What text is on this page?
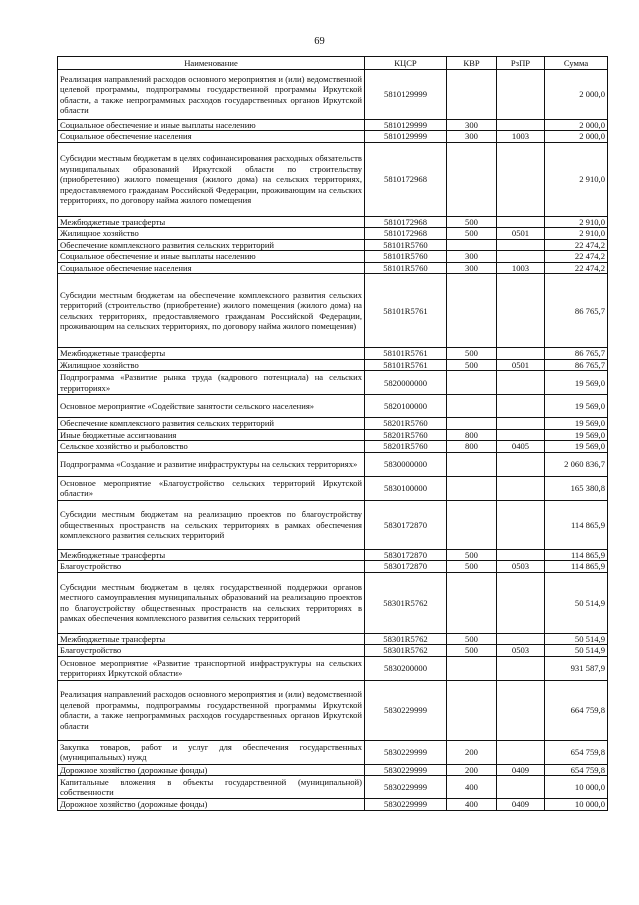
69
Наименование	КЦСР	КВР	РзПР	Сумма
Реализация направлений расходов основного мероприятия и (или) ведомственной целевой программы, подпрограммы государственной программы Иркутской области, а также непрограммных расходов государственных органов Иркутской области	5810129999			2 000,0
Социальное обеспечение и иные выплаты населению	5810129999	300		2 000,0
Социальное обеспечение населения	5810129999	300	1003	2 000,0
Субсидии местным бюджетам в целях софинансирования расходных обязательств муниципальных образований Иркутской области по строительству (приобретению) жилого помещения (жилого дома) на сельских территориях, предоставляемого гражданам Российской Федерации, проживающим на сельских территориях, по договору найма жилого помещения	5810172968			2 910,0
Межбюджетные трансферты	5810172968	500		2 910,0
Жилищное хозяйство	5810172968	500	0501	2 910,0
Обеспечение комплексного развития сельских территорий	58101R5760			22 474,2
Социальное обеспечение и иные выплаты населению	58101R5760	300		22 474,2
Социальное обеспечение населения	58101R5760	300	1003	22 474,2
Субсидии местным бюджетам на обеспечение комплексного развития сельских территорий (строительство (приобретение) жилого помещения (жилого дома) на сельских территориях, предоставляемого гражданам Российской Федерации, проживающим на сельских территориях, по договору найма жилого помещения)	58101R5761			86 765,7
Межбюджетные трансферты	58101R5761	500		86 765,7
Жилищное хозяйство	58101R5761	500	0501	86 765,7
Подпрограмма «Развитие рынка труда (кадрового потенциала) на сельских территориях»	5820000000			19 569,0
Основное мероприятие «Содействие занятости сельского населения»	5820100000			19 569,0
Обеспечение комплексного развития сельских территорий	58201R5760			19 569,0
Иные бюджетные ассигнования	58201R5760	800		19 569,0
Сельское хозяйство и рыболовство	58201R5760	800	0405	19 569,0
Подпрограмма «Создание и развитие инфраструктуры на сельских территориях»	5830000000			2 060 836,7
Основное мероприятие «Благоустройство сельских территорий Иркутской области»	5830100000			165 380,8
Субсидии местным бюджетам на реализацию проектов по благоустройству общественных пространств на сельских территориях в рамках обеспечения комплексного развития сельских территорий	5830172870			114 865,9
Межбюджетные трансферты	5830172870	500		114 865,9
Благоустройство	5830172870	500	0503	114 865,9
Субсидии местным бюджетам в целях государственной поддержки органов местного самоуправления муниципальных образований на реализацию проектов по благоустройству общественных пространств на сельских территориях в рамках обеспечения комплексного развития сельских территорий	58301R5762			50 514,9
Межбюджетные трансферты	58301R5762	500		50 514,9
Благоустройство	58301R5762	500	0503	50 514,9
Основное мероприятие «Развитие транспортной инфраструктуры на сельских территориях Иркутской области»	5830200000			931 587,9
Реализация направлений расходов основного мероприятия и (или) ведомственной целевой программы, подпрограммы государственной программы Иркутской области, а также непрограммных расходов государственных органов Иркутской области	5830229999			664 759,8
Закупка товаров, работ и услуг для обеспечения государственных (муниципальных) нужд	5830229999	200		654 759,8
Дорожное хозяйство (дорожные фонды)	5830229999	200	0409	654 759,8
Капитальные вложения в объекты государственной (муниципальной) собственности	5830229999	400		10 000,0
Дорожное хозяйство (дорожные фонды)	5830229999	400	0409	10 000,0
